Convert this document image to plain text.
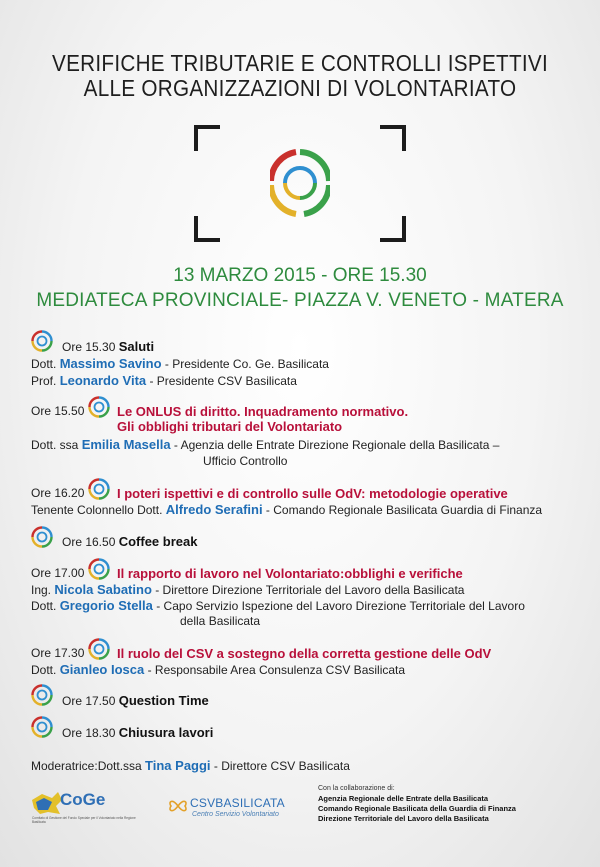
VERIFICHE TRIBUTARIE E CONTROLLI ISPETTIVI
ALLE ORGANIZZAZIONI DI VOLONTARIATO
13 MARZO 2015 - ORE 15.30
MEDIATECA PROVINCIALE- PIAZZA V. VENETO - MATERA
Ore 15.30 Saluti
Dott. Massimo Savino - Presidente Co. Ge. Basilicata
Prof. Leonardo Vita - Presidente CSV Basilicata
Ore 15.50	Le ONLUS di diritto. Inquadramento normativo.
Gli obblighi tributari del Volontariato
Dott. ssa Emilia Masella - Agenzia delle Entrate Direzione Regionale della Basilicata –
Ufficio Controllo
Ore 16.20	I poteri ispettivi e di controllo sulle OdV: metodologie operative
Tenente Colonnello Dott. Alfredo Serafini - Comando Regionale Basilicata Guardia di Finanza
Ore 16.50 Coffee break
Ore 17.00	Il rapporto di lavoro nel Volontariato:obblighi e verifiche
Ing. Nicola Sabatino - Direttore Direzione Territoriale del Lavoro della Basilicata
Dott. Gregorio Stella - Capo Servizio Ispezione del Lavoro Direzione Territoriale del Lavoro
della Basilicata
Ore 17.30	Il ruolo del CSV a sostegno della corretta gestione delle OdV
Dott. Gianleo Iosca - Responsabile Area Consulenza CSV Basilicata
Ore 17.50 Question Time
Ore 18.30 Chiusura lavori
Moderatrice:Dott.ssa Tina Paggi - Direttore CSV Basilicata
CoGe
Comitato di Gestione del Fondo Speciale per il Volontariato nella Regione Basilicata
CSVBASILICATA
Centro Servizio Volontariato
Con la collaborazione di:
Agenzia Regionale delle Entrate della Basilicata
Comando Regionale Basilicata della Guardia di Finanza
Direzione Territoriale del Lavoro della Basilicata
